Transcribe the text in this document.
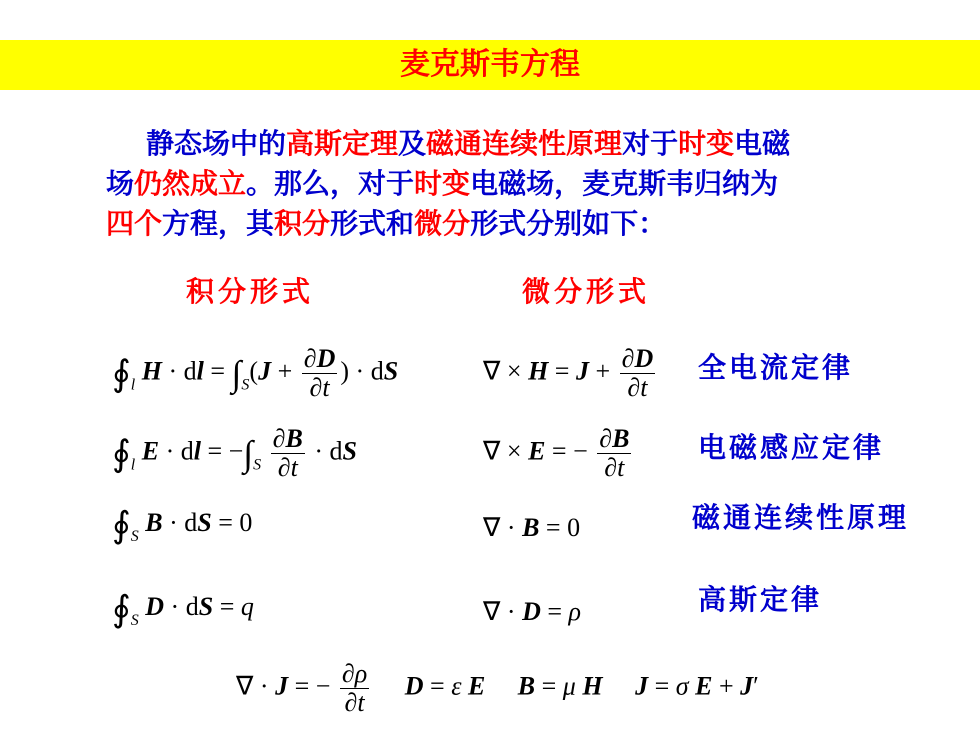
麦克斯韦方程
静态场中的高斯定理及磁通连续性原理对于时变电磁
场仍然成立。那么，对于时变电磁场，麦克斯韦归纳为
四个方程，其积分形式和微分形式分别如下：
积分形式	微分形式
$∮_l$ H · dl = $\int_S(J + \frac{\partial D}{\partial t}$ ) · dS	∇ × $H = J + \frac{\partial D}{\partial t}$ 全电流定律
$∮_l$ E · dl = $-\int_S \frac{\partial B}{\partial t}$ · dS	∇ × E = − $\frac{\partial B}{\partial t}$ 电磁感应定律
$∮_S$ B · dS = 0	∇ · B = 0	磁通连续性原理
$∮_S$ D · dS = q	∇ · D = ρ	高斯定律
∇ · J = − $\frac{\partial\rho}{\partial t}$ D = ε E B = μ H J = σ E + J′
